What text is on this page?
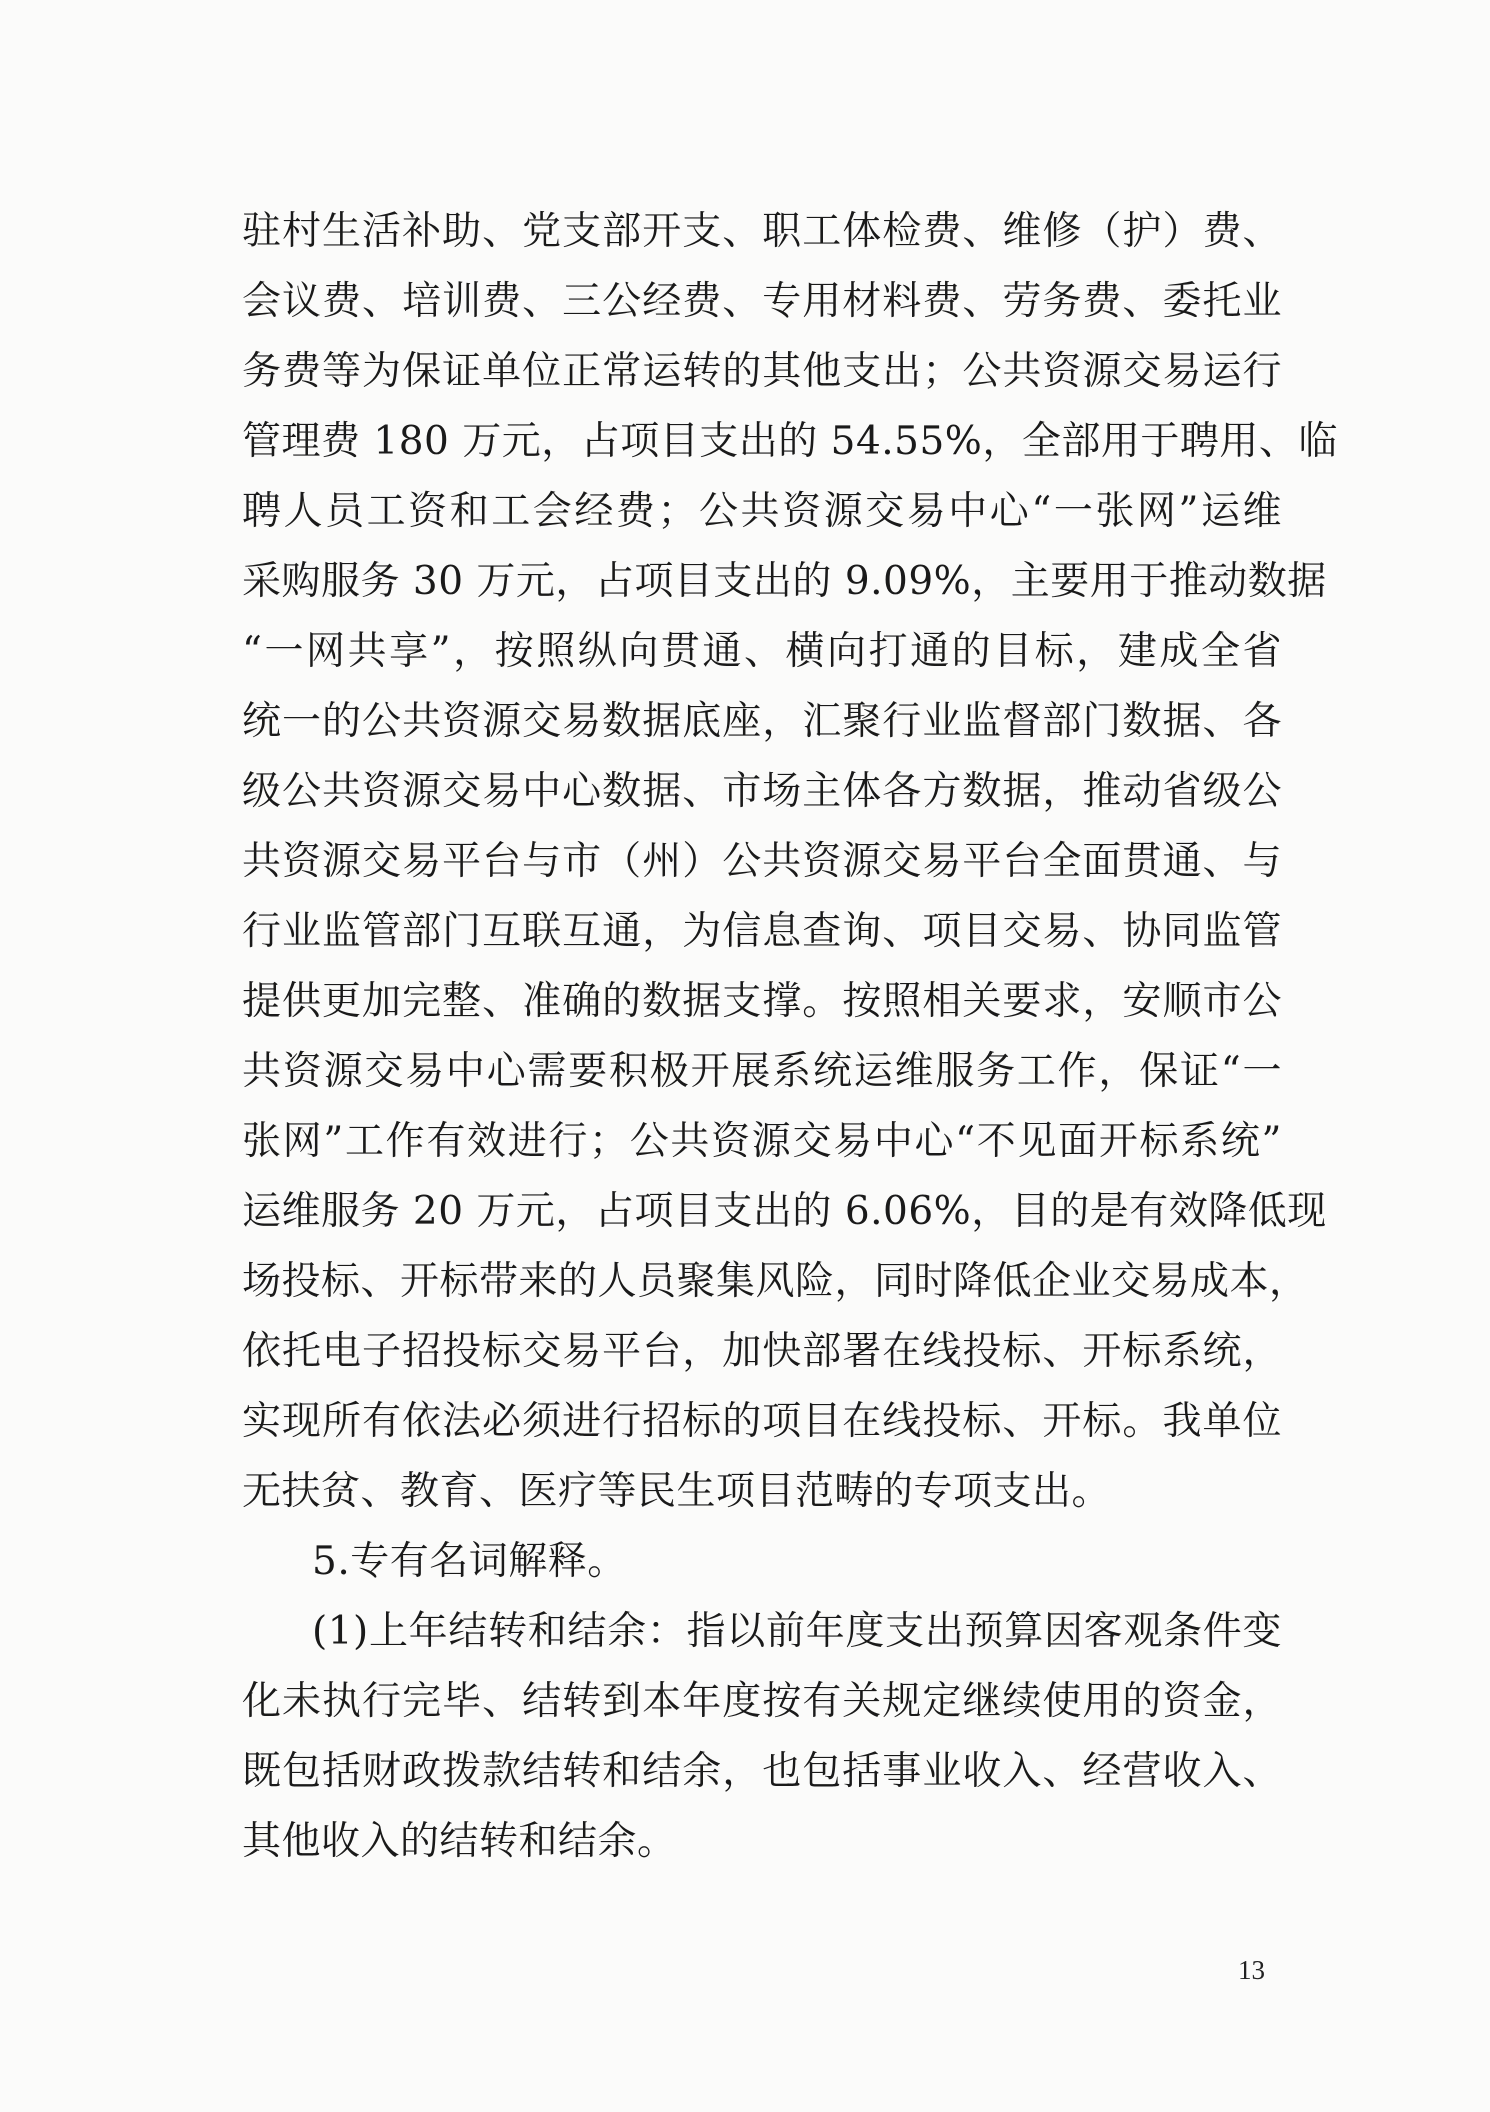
驻村生活补助、党支部开支、职工体检费、维修（护）费、
会议费、培训费、三公经费、专用材料费、劳务费、委托业
务费等为保证单位正常运转的其他支出；公共资源交易运行
管理费 180 万元，占项目支出的 54.55%，全部用于聘用、临
聘人员工资和工会经费；公共资源交易中心“一张网”运维
采购服务 30 万元，占项目支出的 9.09%，主要用于推动数据
“一网共享”，按照纵向贯通、横向打通的目标，建成全省
统一的公共资源交易数据底座，汇聚行业监督部门数据、各
级公共资源交易中心数据、市场主体各方数据，推动省级公
共资源交易平台与市（州）公共资源交易平台全面贯通、与
行业监管部门互联互通，为信息查询、项目交易、协同监管
提供更加完整、准确的数据支撑。按照相关要求，安顺市公
共资源交易中心需要积极开展系统运维服务工作，保证“一
张网”工作有效进行；公共资源交易中心“不见面开标系统”
运维服务 20 万元，占项目支出的 6.06%，目的是有效降低现
场投标、开标带来的人员聚集风险，同时降低企业交易成本，
依托电子招投标交易平台，加快部署在线投标、开标系统，
实现所有依法必须进行招标的项目在线投标、开标。我单位
无扶贫、教育、医疗等民生项目范畴的专项支出。
5.专有名词解释。
(1)上年结转和结余：指以前年度支出预算因客观条件变
化未执行完毕、结转到本年度按有关规定继续使用的资金，
既包括财政拨款结转和结余，也包括事业收入、经营收入、
其他收入的结转和结余。
13
